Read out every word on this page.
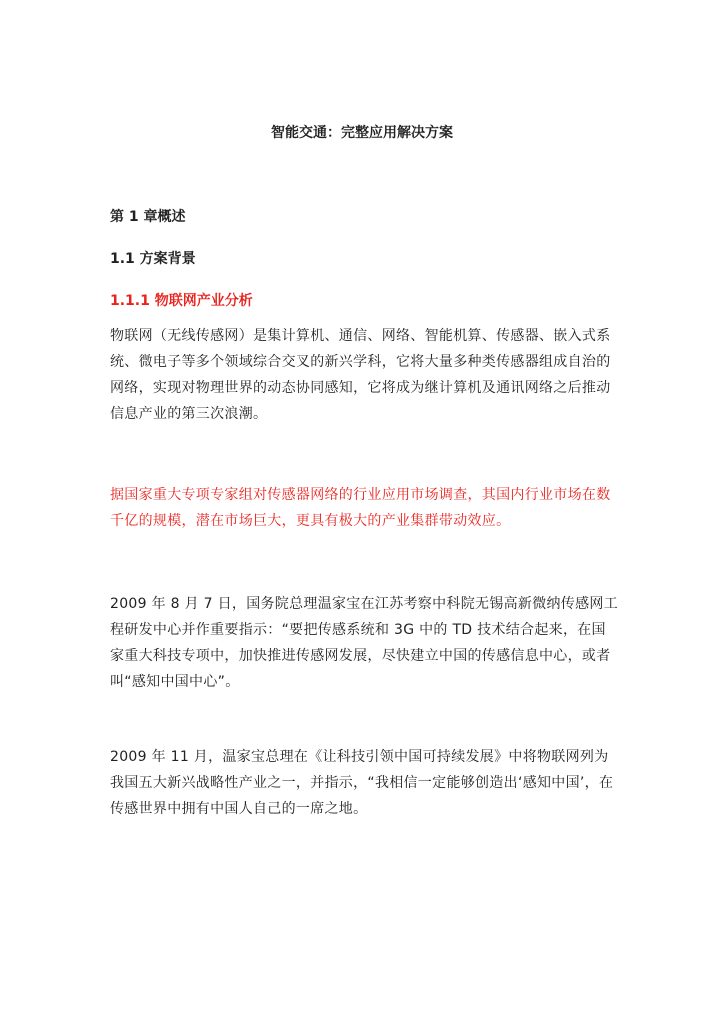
智能交通：完整应用解决方案
第 1 章概述
1.1 方案背景
1.1.1 物联网产业分析
物联网（无线传感网）是集计算机、通信、网络、智能机算、传感器、嵌入式系统、微电子等多个领域综合交叉的新兴学科，它将大量多种类传感器组成自治的网络，实现对物理世界的动态协同感知，它将成为继计算机及通讯网络之后推动信息产业的第三次浪潮。
据国家重大专项专家组对传感器网络的行业应用市场调查，其国内行业市场在数千亿的规模，潜在市场巨大，更具有极大的产业集群带动效应。
2009 年 8 月 7 日，国务院总理温家宝在江苏考察中科院无锡高新微纳传感网工程研发中心并作重要指示：“要把传感系统和 3G 中的 TD 技术结合起来，在国家重大科技专项中，加快推进传感网发展，尽快建立中国的传感信息中心，或者叫“感知中国中心”。
2009 年 11 月，温家宝总理在《让科技引领中国可持续发展》中将物联网列为我国五大新兴战略性产业之一，并指示，“我相信一定能够创造出‘感知中国’，在传感世界中拥有中国人自己的一席之地。
